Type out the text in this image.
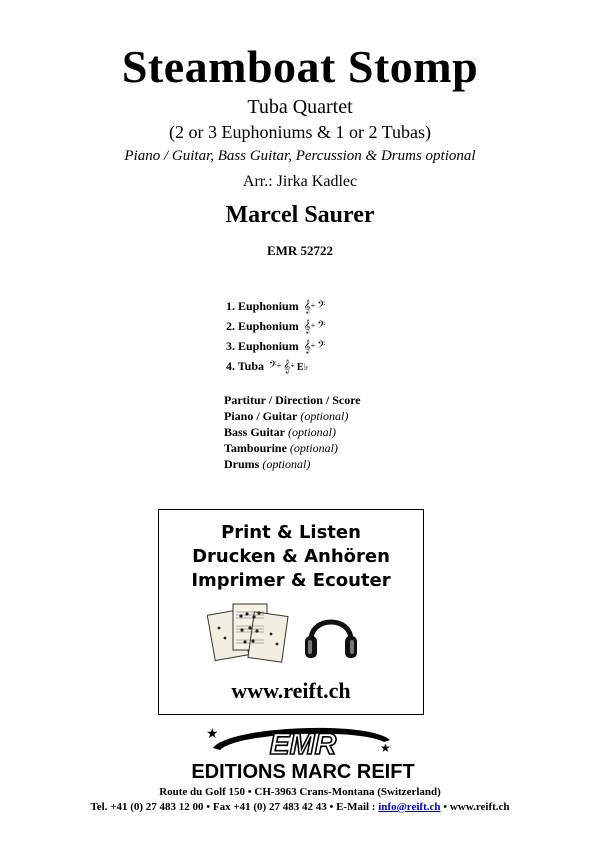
Steamboat Stomp
Tuba Quartet
(2 or 3 Euphoniums & 1 or 2 Tubas)
Piano / Guitar, Bass Guitar, Percussion & Drums optional
Arr.: Jirka Kadlec
Marcel Saurer
EMR 52722
1. Euphonium 𝄞+ 𝄢
2. Euphonium 𝄞+ 𝄢
3. Euphonium 𝄞+ 𝄢
4. Tuba 𝄢+ 𝄞+ E♭
Partitur / Direction / Score
Piano / Guitar (optional)
Bass Guitar (optional)
Tambourine (optional)
Drums (optional)
Print & Listen
Drucken & Anhören
Imprimer & Ecouter
www.reift.ch
EMR
★
★
EDITIONS MARC REIFT
Route du Golf 150 • CH-3963 Crans-Montana (Switzerland)
Tel. +41 (0) 27 483 12 00 • Fax +41 (0) 27 483 42 43 • E-Mail : info@reift.ch • www.reift.ch
